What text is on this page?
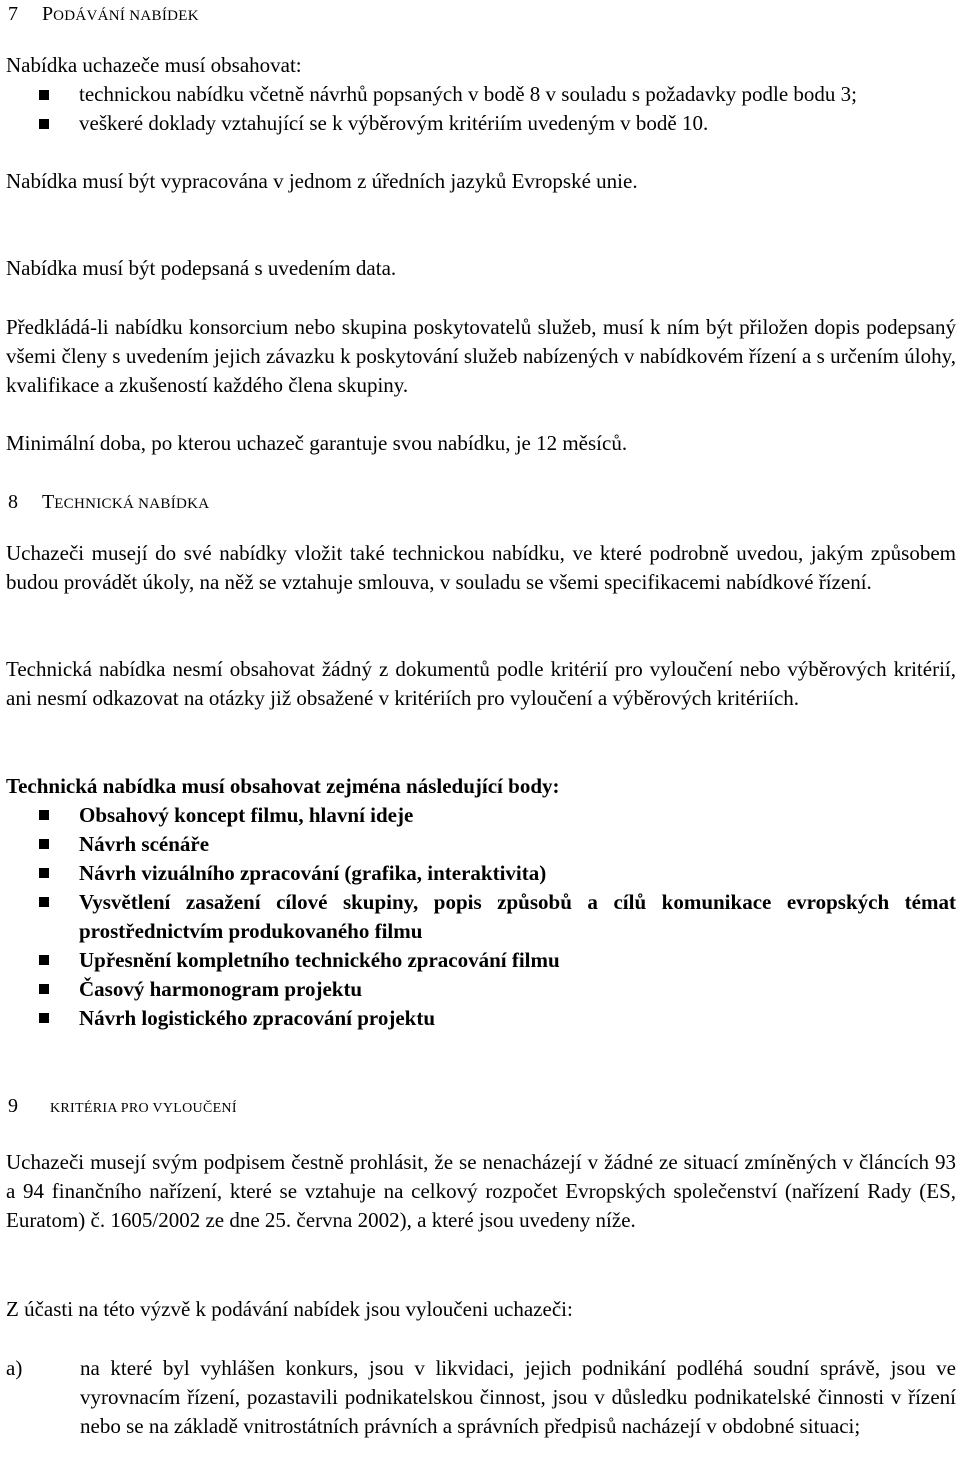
7 PODÁVÁNÍ NABÍDEK

Nabídka uchazeče musí obsahovat:

technickou nabídku včetně návrhů popsaných v bodě 8 v souladu s požadavky podle bodu 3;
veškeré doklady vztahující se k výběrovým kritériím uvedeným v bodě 10.

Nabídka musí být vypracována v jednom z úředních jazyků Evropské unie.

Nabídka musí být podepsaná s uvedením data.

Předkládá-li nabídku konsorcium nebo skupina poskytovatelů služeb, musí k ním být přiložen dopis podepsaný všemi členy s uvedením jejich závazku k poskytování služeb nabízených v nabídkovém řízení a s určením úlohy, kvalifikace a zkušeností každého člena skupiny.

Minimální doba, po kterou uchazeč garantuje svou nabídku, je 12 měsíců.

8 TECHNICKÁ NABÍDKA

Uchazeči musejí do své nabídky vložit také technickou nabídku, ve které podrobně uvedou, jakým způsobem budou provádět úkoly, na něž se vztahuje smlouva, v souladu se všemi specifikacemi nabídkové řízení.

Technická nabídka nesmí obsahovat žádný z dokumentů podle kritérií pro vyloučení nebo výběrových kritérií, ani nesmí odkazovat na otázky již obsažené v kritériích pro vyloučení a výběrových kritériích.

Technická nabídka musí obsahovat zejména následující body:

Obsahový koncept filmu, hlavní ideje
Návrh scénáře
Návrh vizuálního zpracování (grafika, interaktivita)
Vysvětlení zasažení cílové skupiny, popis způsobů a cílů komunikace evropských témat prostřednictvím produkovaného filmu
Upřesnění kompletního technického zpracování filmu
Časový harmonogram projektu
Návrh logistického zpracování projektu
9 KRITÉRIA PRO VYLOUČENÍ

Uchazeči musejí svým podpisem čestně prohlásit, že se nenacházejí v žádné ze situací zmíněných v článcích 93 a 94 finančního nařízení, které se vztahuje na celkový rozpočet Evropských společenství (nařízení Rady (ES, Euratom) č. 1605/2002 ze dne 25. června 2002), a které jsou uvedeny níže.

Z účasti na této výzvě k podávání nabídek jsou vyloučeni uchazeči:

a)	na které byl vyhlášen konkurs, jsou v likvidaci, jejich podnikání podléhá soudní správě, jsou ve vyrovnacím řízení, pozastavili podnikatelskou činnost, jsou v důsledku podnikatelské činnosti v řízení nebo se na základě vnitrostátních právních a správních předpisů nacházejí v obdobné situaci;
